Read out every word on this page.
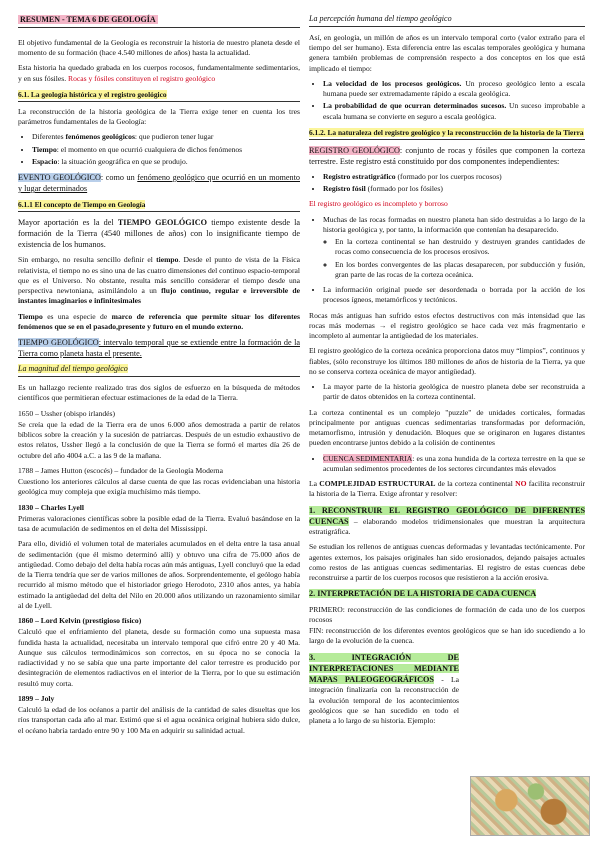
RESUMEN - TEMA 6 DE GEOLOGÍA

El objetivo fundamental de la Geología es reconstruir la historia de nuestro planeta desde el momento de su formación (hace 4.540 millones de años) hasta la actualidad.

Esta historia ha quedado grabada en los cuerpos rocosos, fundamentalmente sedimentarios, y en sus fósiles. Rocas y fósiles constituyen el registro geológico

6.1. La geología histórica y el registro geológico

La reconstrucción de la historia geológica de la Tierra exige tener en cuenta los tres parámetros fundamentales de la Geología:

• Diferentes fenómenos geológicos: que pudieron tener lugar
• Tiempo: el momento en que ocurrió cualquiera de dichos fenómenos
• Espacio: la situación geográfica en que se produjo.

EVENTO GEOLÓGICO: como un fenómeno geológico que ocurrió en un momento y lugar determinados

6.1.1 El concepto de Tiempo en Geología

Mayor aportación es la del TIEMPO GEOLÓGICO tiempo existente desde la formación de la Tierra (4540 millones de años) con lo insignificante tiempo de existencia de los humanos.

Sin embargo, no resulta sencillo definir el tiempo. Desde el punto de vista de la Física relativista, el tiempo no es sino una de las cuatro dimensiones del continuo espacio-temporal que es el Universo. No obstante, resulta más sencillo considerar el tiempo desde una perspectiva newtoniana, asimilándolo a un flujo continuo, regular e irreversible de instantes imaginarios e infinitesimales

Tiempo es una especie de marco de referencia que permite situar los diferentes fenómenos que se en el pasado,presente y futuro en el mundo externo.

TIEMPO GEOLÓGICO: intervalo temporal que se extiende entre la formación de la Tierra como planeta hasta el presente.

La magnitud del tiempo geológico

Es un hallazgo reciente realizado tras dos siglos de esfuerzo en la búsqueda de métodos científicos que permitieran efectuar estimaciones de la edad de la Tierra.

1650 – Ussher (obispo irlandés)

Se creía que la edad de la Tierra era de unos 6.000 años demostrada a partir de relatos bíblicos sobre la creación y la sucesión de patriarcas. Después de un estudio exhaustivo de estos relatos, Ussher llegó a la conclusión de que la Tierra se formó el martes día 26 de octubre del año 4004 a.C. a las 9 de la mañana.

1788 – James Hutton (escocés) – fundador de la Geología Moderna

Cuestiono los anteriores cálculos al darse cuenta de que las rocas evidenciaban una historia geológica muy compleja que exigía muchísimo más tiempo.

1830 – Charles Lyell

Primeras valoraciones científicas sobre la posible edad de la Tierra. Evaluó basándose en la tasa de acumulación de sedimentos en el delta del Mississippi.

Para ello, dividió el volumen total de materiales acumulados en el delta entre la tasa anual de sedimentación (que él mismo determinó allí) y obtuvo una cifra de 75.000 años de antigüedad. Como debajo del delta había rocas aún más antiguas, Lyell concluyó que la edad de la Tierra tendría que ser de varios millones de años. Sorprendentemente, el geólogo había recurrido al mismo método que el historiador griego Herodoto, 2310 años antes, ya había estimado la antigüedad del delta del Nilo en 20.000 años utilizando un razonamiento similar al de Lyell.

1860 – Lord Kelvin (prestigioso físico)

Calculó que el enfriamiento del planeta, desde su formación como una supuesta masa fundida hasta la actualidad, necesitaba un intervalo temporal que cifró entre 20 y 40 Ma. Aunque sus cálculos termodinámicos son correctos, en su época no se conocía la radiactividad y no se sabía que una parte importante del calor terrestre es producido por desintegración de elementos radiactivos en el interior de la Tierra, por lo que su estimación resultó muy corta.

1899 – Joly

Calculó la edad de los océanos a partir del análisis de la cantidad de sales disueltas que los ríos transportan cada año al mar. Estimó que si el agua oceánica original hubiera sido dulce, el océano habría tardado entre 90 y 100 Ma en adquirir su salinidad actual.

La percepción humana del tiempo geológico

Así, en geología, un millón de años es un intervalo temporal corto (valor extraño para el tiempo del ser humano). Esta diferencia entre las escalas temporales geológica y humana genera también problemas de comprensión respecto a dos conceptos en los que está implicado el tiempo:

• La velocidad de los procesos geológicos. Un proceso geológico lento a escala humana puede ser extremadamente rápido a escala geológica.
• La probabilidad de que ocurran determinados sucesos. Un suceso improbable a escala humana se convierte en seguro a escala geológica.
6.1.2. La naturaleza del registro geológico y la reconstrucción de la historia de la Tierra

REGISTRO GEOLÓGICO: conjunto de rocas y fósiles que componen la corteza terrestre. Este registro está constituido por dos componentes independientes:

• Registro estratigráfico (formado por los cuerpos rocosos)
• Registro fósil (formado por los fósiles)

El registro geológico es incompleto y borroso

• Muchas de las rocas formadas en nuestro planeta han sido destruidas a lo largo de la historia geológica y, por tanto, la información que contenían ha desaparecido.
◦ En la corteza continental se han destruido y destruyen grandes cantidades de rocas como consecuencia de los procesos erosivos.
◦ En los bordes convergentes de las placas desaparecen, por subducción y fusión, gran parte de las rocas de la corteza oceánica.
• La información original puede ser desordenada o borrada por la acción de los procesos ígneos, metamórficos y tectónicos.

Rocas más antiguas han sufrido estos efectos destructivos con más intensidad que las rocas más modernas → el registro geológico se hace cada vez más fragmentario e incompleto al aumentar la antigüedad de los materiales.

El registro geológico de la corteza oceánica proporciona datos muy “limpios”, continuos y fiables, (sólo reconstruye los últimos 180 millones de años de historia de la Tierra, ya que no se conserva corteza oceánica de mayor antigüedad).

• La mayor parte de la historia geológica de nuestro planeta debe ser reconstruida a partir de datos obtenidos en la corteza continental.

La corteza continental es un complejo "puzzle" de unidades corticales, formadas principalmente por antiguas cuencas sedimentarias transformadas por deformación, metamorfismo, intrusión y denudación. Bloques que se originaron en lugares distantes pueden encontrarse juntos debido a la colisión de continentes

• CUENCA SEDIMENTARIA: es una zona hundida de la corteza terrestre en la que se acumulan sedimentos procedentes de los sectores circundantes más elevados

La COMPLEJIDAD ESTRUCTURAL de la corteza continental NO facilita reconstruir la historia de la Tierra. Exige afrontar y resolver:

1. RECONSTRUIR EL REGISTRO GEOLÓGICO DE DIFERENTES CUENCAS – elaborando modelos tridimensionales que muestran la arquitectura estratigráfica.

Se estudian los rellenos de antiguas cuencas deformadas y levantadas tectónicamente. Por agentes externos, los paisajes originales han sido erosionados, dejando paisajes actuales como restos de las antiguas cuencas sedimentarias. El registro de estas cuencas debe reconstruirse a partir de los cuerpos rocosos que resistieron a la acción erosiva.

2. INTERPRETACIÓN DE LA HISTORIA DE CADA CUENCA

PRIMERO: reconstrucción de las condiciones de formación de cada uno de los cuerpos rocosos

FIN: reconstrucción de los diferentes eventos geológicos que se han ido sucediendo a lo largo de la evolución de la cuenca.

3. INTEGRACIÓN DE INTERPRETACIONES MEDIANTE MAPAS PALEOGEOGRÁFICOS - La integración finalizaría con la reconstrucción de la evolución temporal de los acontecimientos geológicos que se han sucedido en todo el planeta a lo largo de su historia. Ejemplo:
